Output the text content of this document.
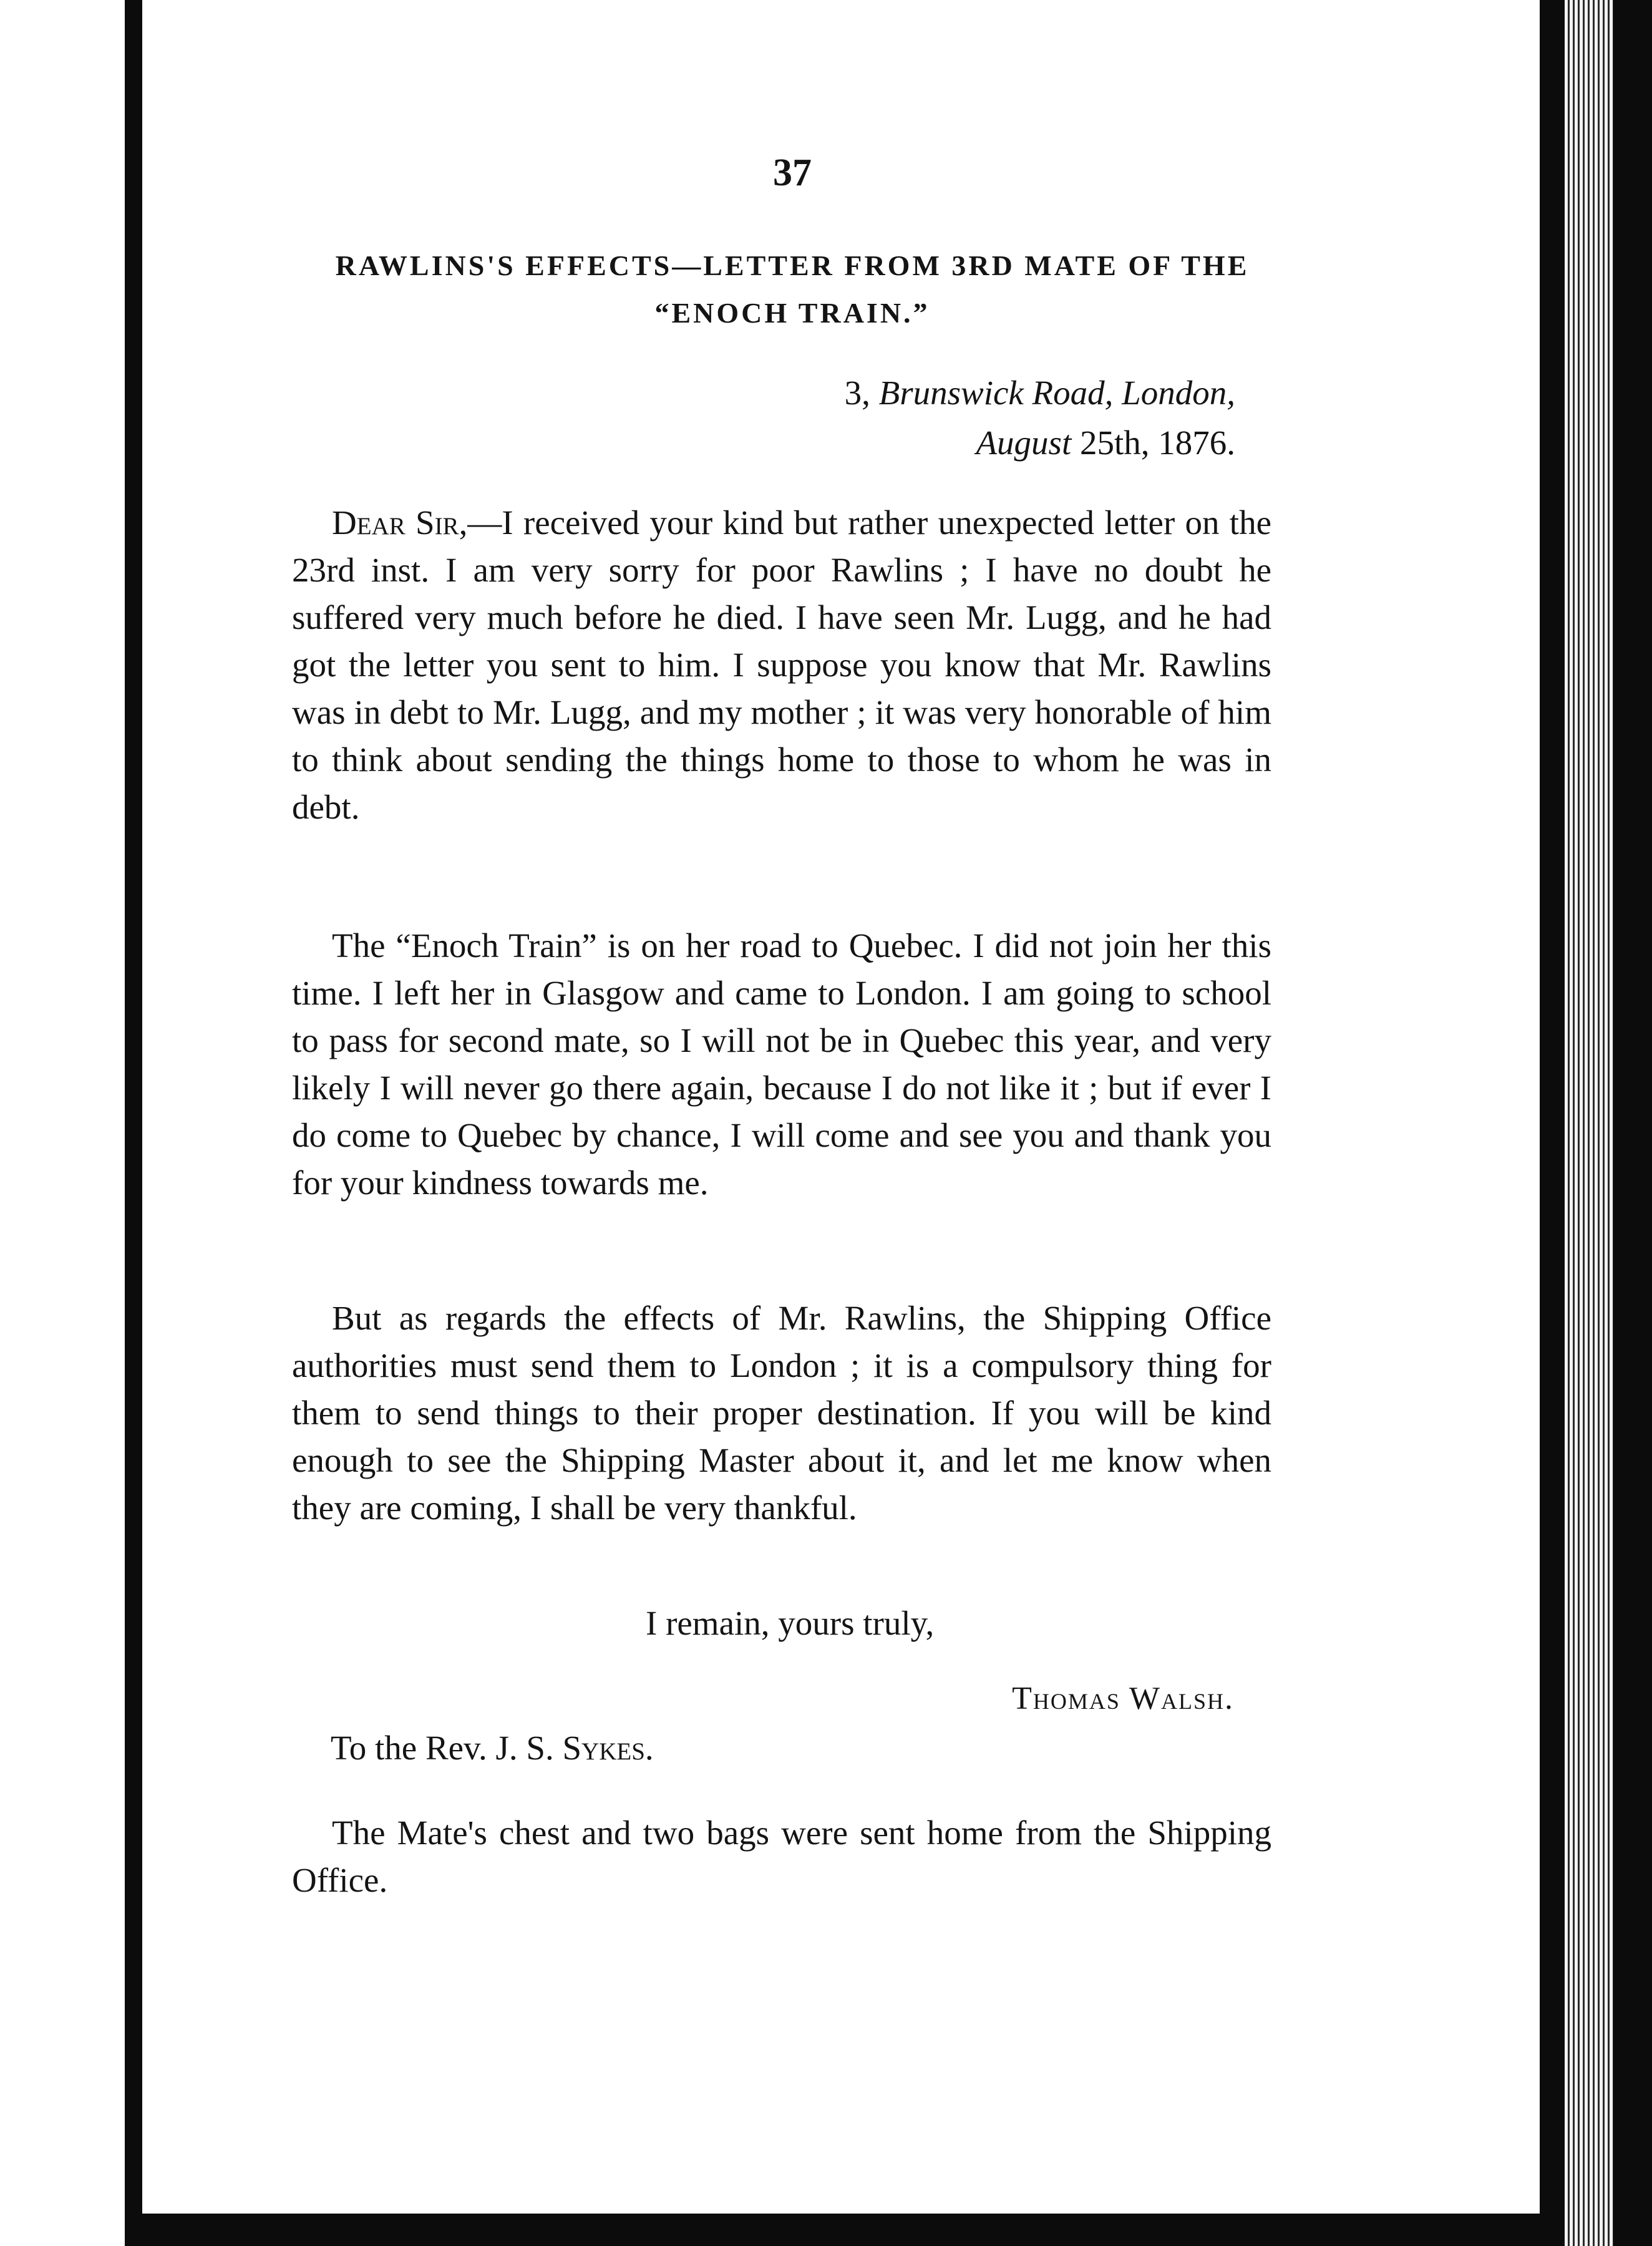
37
RAWLINS'S EFFECTS—LETTER FROM 3RD MATE OF THE
“ENOCH TRAIN.”
3, Brunswick Road, London,
August 25th, 1876.

Dear Sir,—I received your kind but rather unexpected letter on the 23rd inst. I am very sorry for poor Rawlins ; I have no doubt he suffered very much before he died. I have seen Mr. Lugg, and he had got the letter you sent to him. I suppose you know that Mr. Rawlins was in debt to Mr. Lugg, and my mother ; it was very honorable of him to think about sending the things home to those to whom he was in debt.

The “Enoch Train” is on her road to Quebec. I did not join her this time. I left her in Glasgow and came to London. I am going to school to pass for second mate, so I will not be in Quebec this year, and very likely I will never go there again, because I do not like it ; but if ever I do come to Quebec by chance, I will come and see you and thank you for your kindness towards me.

But as regards the effects of Mr. Rawlins, the Shipping Office authorities must send them to London ; it is a compulsory thing for them to send things to their proper destination. If you will be kind enough to see the Shipping Master about it, and let me know when they are coming, I shall be very thankful.

I remain, yours truly,
Thomas Walsh.
To the Rev. J. S. Sykes.

The Mate's chest and two bags were sent home from the Shipping Office.
